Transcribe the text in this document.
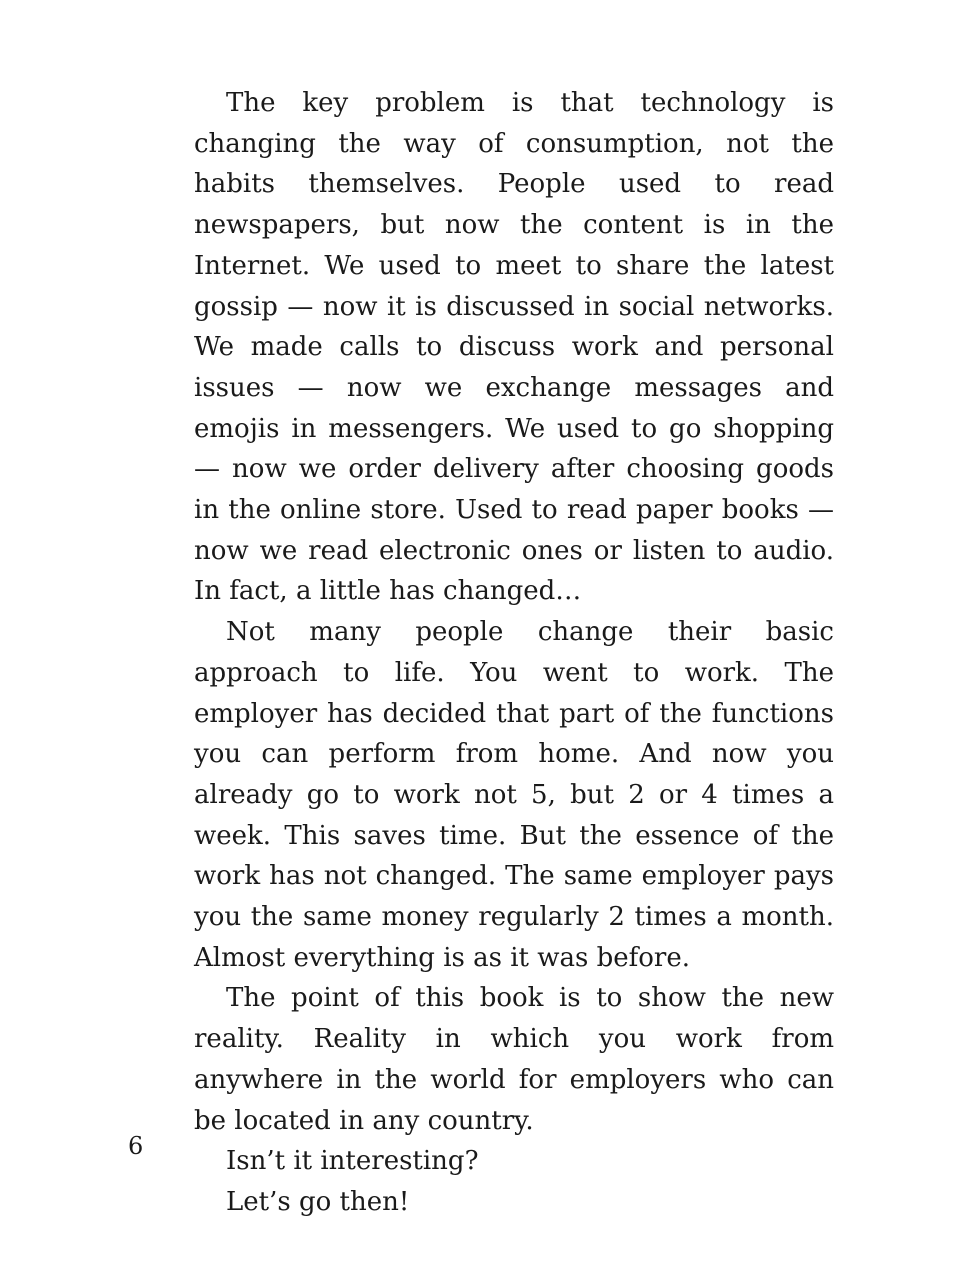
The key problem is that technology is changing the way of consumption, not the habits themselves. People used to read newspapers, but now the content is in the Internet. We used to meet to share the latest gossip — now it is discussed in social networks. We made calls to discuss work and personal issues — now we exchange messages and emojis in messengers. We used to go shopping — now we order delivery after choosing goods in the online store. Used to read paper books — now we read electronic ones or listen to audio. In fact, a little has changed…

Not many people change their basic approach to life. You went to work. The employer has decided that part of the functions you can perform from home. And now you already go to work not 5, but 2 or 4 times a week. This saves time. But the essence of the work has not changed. The same employer pays you the same money regularly 2 times a month. Almost everything is as it was before.

The point of this book is to show the new reality. Reality in which you work from anywhere in the world for employers who can be located in any country.

Isn’t it interesting?

Let’s go then!

6
